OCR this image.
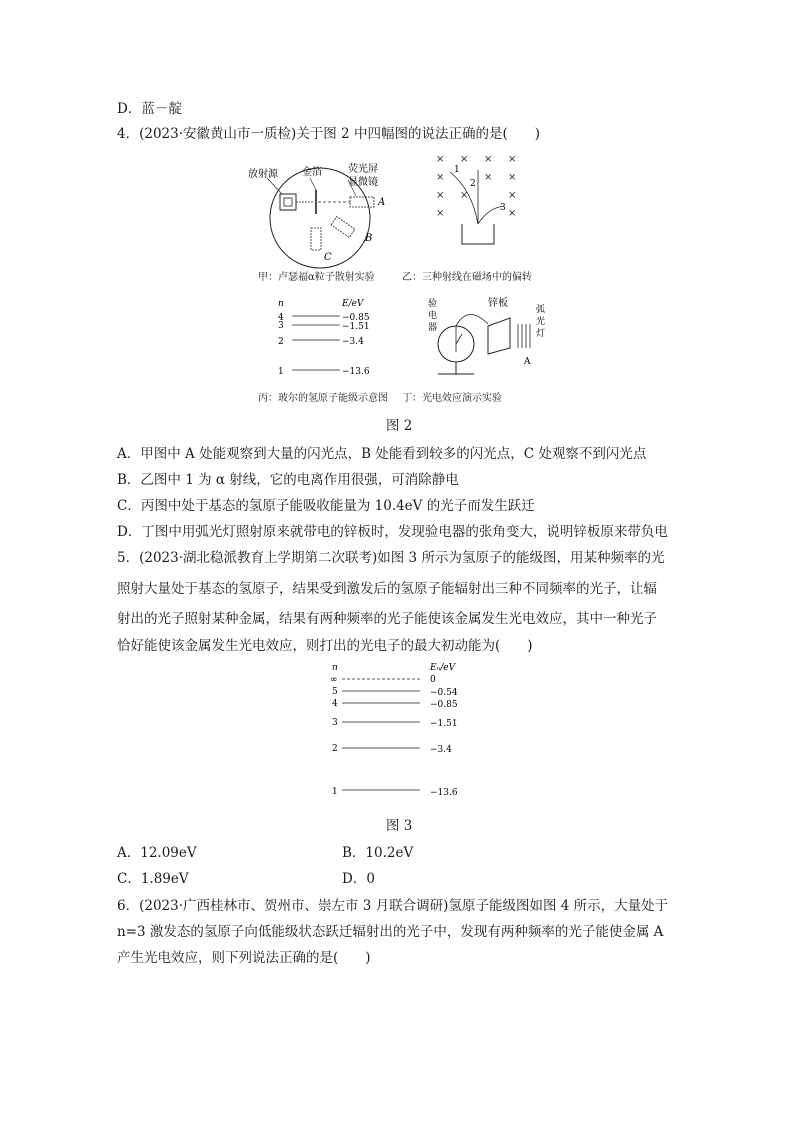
D．蓝－靛
4．(2023·安徽黄山市一质检)关于图 2 中四幅图的说法正确的是(　　)
放射源 金箔	荧光屏
显微镜
A
B
C
甲：卢瑟福α粒子散射实验
× × × ×
×	× ×
× ×	×
×	×
1
2
3
乙：三种射线在磁场中的偏转
n	E/eV
4	−0.85
3	−1.51
2	−3.4
1	−13.6
丙：玻尔的氢原子能级示意图
验
电
器
锌板
弧
光
灯
A
丁：光电效应演示实验
图 2
A．甲图中 A 处能观察到大量的闪光点，B 处能看到较多的闪光点，C 处观察不到闪光点
B．乙图中 1 为 α 射线，它的电离作用很强，可消除静电
C．丙图中处于基态的氢原子能吸收能量为 10.4eV 的光子而发生跃迁
D．丁图中用弧光灯照射原来就带电的锌板时，发现验电器的张角变大，说明锌板原来带负电
5．(2023·湖北稳派教育上学期第二次联考)如图 3 所示为氢原子的能级图，用某种频率的光
照射大量处于基态的氢原子，结果受到激发后的氢原子能辐射出三种不同频率的光子，让辐
射出的光子照射某种金属，结果有两种频率的光子能使该金属发生光电效应，其中一种光子
恰好能使该金属发生光电效应，则打出的光电子的最大初动能为(　　)
n	Eₙ/eV
∞	0
5	−0.54
4	−0.85
3	−1.51
2	−3.4
1	−13.6
图 3
A．12.09eV	B．10.2eV
C．1.89eV	D．0
6．(2023·广西桂林市、贺州市、崇左市 3 月联合调研)氢原子能级图如图 4 所示，大量处于
n=3 激发态的氢原子向低能级状态跃迁辐射出的光子中，发现有两种频率的光子能使金属 A
产生光电效应，则下列说法正确的是(　　)
